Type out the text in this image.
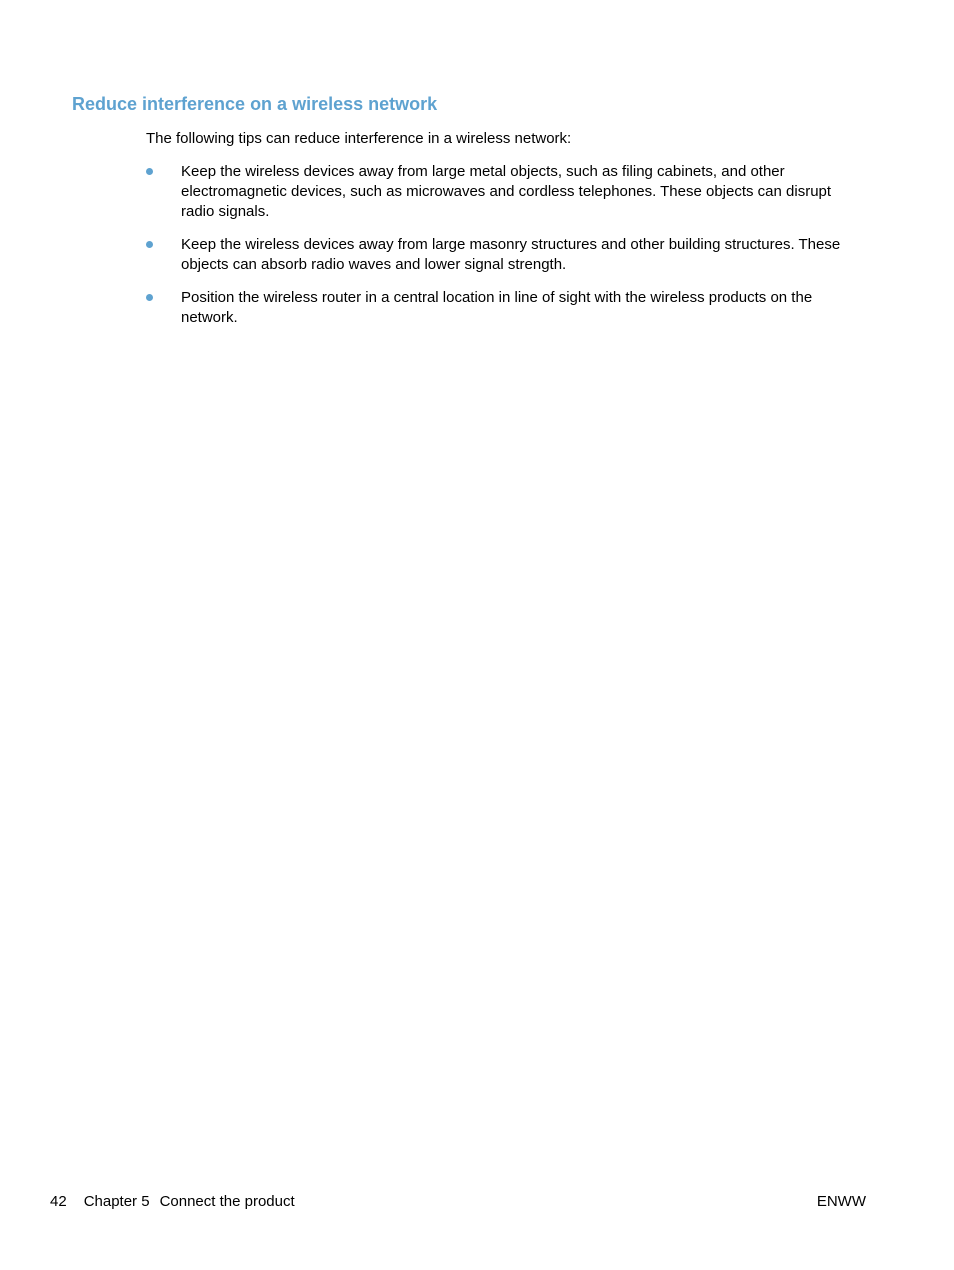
Reduce interference on a wireless network

The following tips can reduce interference in a wireless network:

Keep the wireless devices away from large metal objects, such as filing cabinets, and other electromagnetic devices, such as microwaves and cordless telephones. These objects can disrupt radio signals.
Keep the wireless devices away from large masonry structures and other building structures. These objects can absorb radio waves and lower signal strength.
Position the wireless router in a central location in line of sight with the wireless products on the network.
42 Chapter 5 Connect the product	ENWW
